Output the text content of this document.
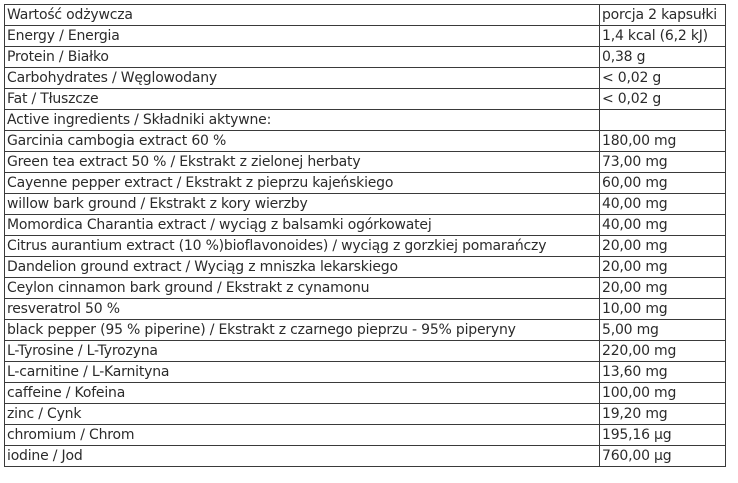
Wartość odżywcza	porcja 2 kapsułki
Energy / Energia	1,4 kcal (6,2 kJ)
Protein / Białko	0,38 g
Carbohydrates / Węglowodany	< 0,02 g
Fat / Tłuszcze	< 0,02 g
Active ingredients / Składniki aktywne:	
Garcinia cambogia extract 60 %	180,00 mg
Green tea extract 50 % / Ekstrakt z zielonej herbaty	73,00 mg
Cayenne pepper extract / Ekstrakt z pieprzu kajeńskiego	60,00 mg
willow bark ground / Ekstrakt z kory wierzby	40,00 mg
Momordica Charantia extract / wyciąg z balsamki ogórkowatej	40,00 mg
Citrus aurantium extract (10 %)bioflavonoides) / wyciąg z gorzkiej pomarańczy	20,00 mg
Dandelion ground extract / Wyciąg z mniszka lekarskiego	20,00 mg
Ceylon cinnamon bark ground / Ekstrakt z cynamonu	20,00 mg
resveratrol 50 %	10,00 mg
black pepper (95 % piperine) / Ekstrakt z czarnego pieprzu - 95% piperyny	5,00 mg
L-Tyrosine / L-Tyrozyna	220,00 mg
L-carnitine / L-Karnityna	13,60 mg
caffeine / Kofeina	100,00 mg
zinc / Cynk	19,20 mg
chromium / Chrom	195,16 μg
iodine / Jod	760,00 μg
